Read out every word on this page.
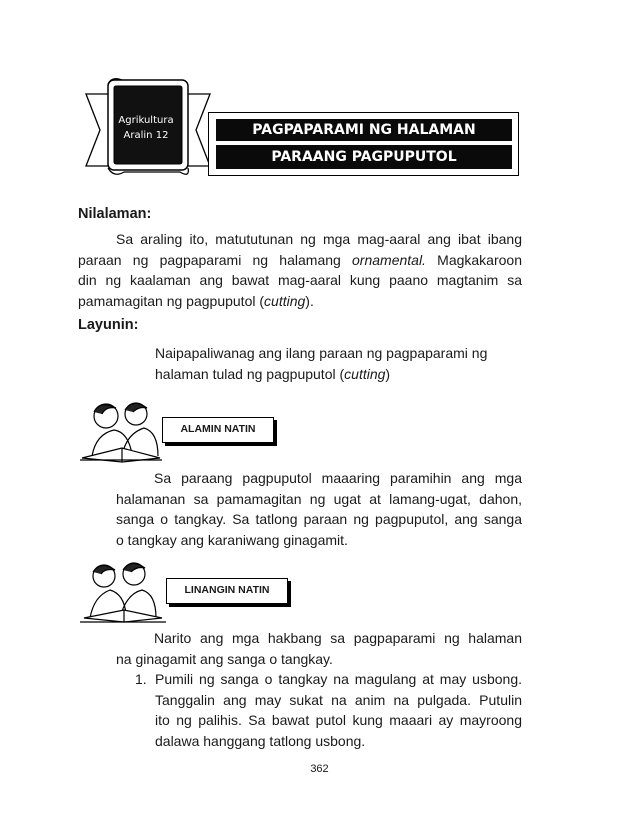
Agrikultura
Aralin 12	PAGPAPARAMI NG HALAMAN
PARAANG PAGPUPUTOL
Nilalaman:
Sa araling ito, matututunan ng mga mag-aaral ang ibat ibang
paraan ng pagpaparami ng halamang ornamental. Magkakaroon
din ng kaalaman ang bawat mag-aaral kung paano magtanim sa
pamamagitan ng pagpuputol (cutting).
Layunin:
Naipapaliwanag ang ilang paraan ng pagpaparami ng
halaman tulad ng pagpuputol (cutting)
ALAMIN NATIN
Sa paraang pagpuputol maaaring paramihin ang mga
halamanan sa pamamagitan ng ugat at lamang-ugat, dahon,
sanga o tangkay. Sa tatlong paraan ng pagpuputol, ang sanga
o tangkay ang karaniwang ginagamit.
LINANGIN NATIN
Narito ang mga hakbang sa pagpaparami ng halaman
na ginagamit ang sanga o tangkay.
1. Pumili ng sanga o tangkay na magulang at may usbong.
Tanggalin ang may sukat na anim na pulgada. Putulin
ito ng palihis. Sa bawat putol kung maaari ay mayroong
dalawa hanggang tatlong usbong.
362
